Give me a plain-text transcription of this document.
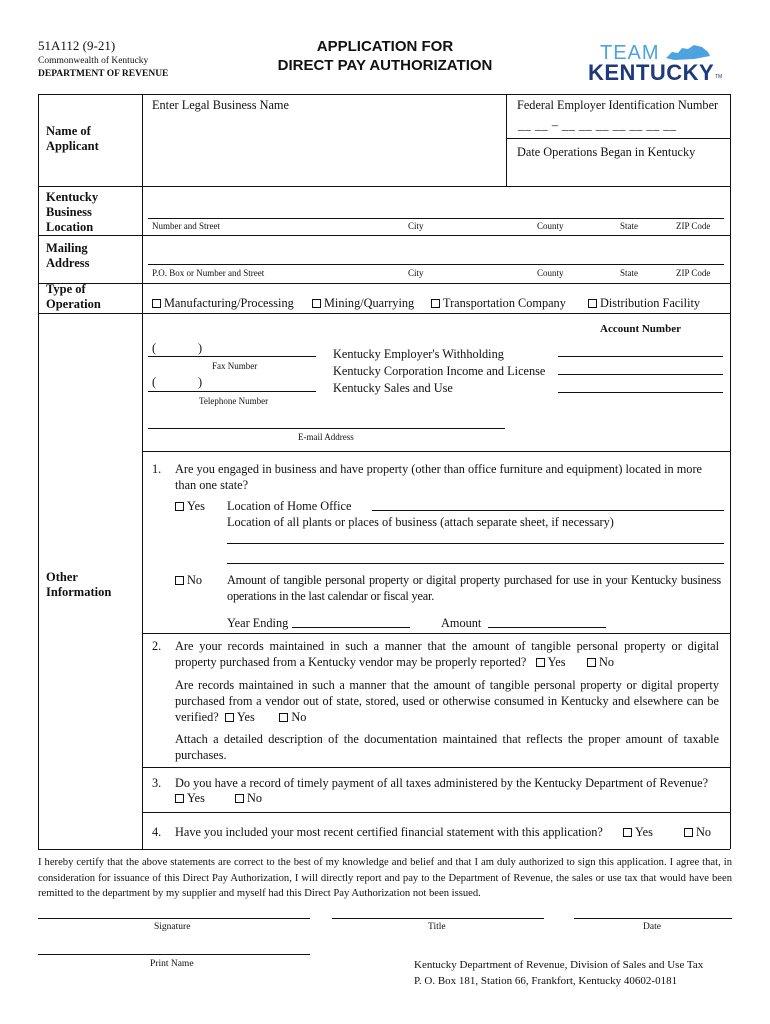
51A112 (9-21)
Commonwealth of Kentucky
DEPARTMENT OF REVENUE
APPLICATION FOR
DIRECT PAY AUTHORIZATION
TEAM
KENTUCKY TM
Name of
Applicant
Enter Legal Business Name	Federal Employer Identification Number
__ __ – __ __ __ __ __ __ __
Date Operations Began in Kentucky
Kentucky
Business
Location	Number and Street	City	County	State	ZIP Code
Mailing
Address
P.O. Box or Number and Street	City	County	State	ZIP Code
Type of
Operation	Manufacturing/Processing	Mining/Quarrying	Transportation Company	Distribution Facility
Other
Information
Account Number
(	)
Fax Number
(	)
Telephone Number
Kentucky Employer's Withholding
Kentucky Corporation Income and License
Kentucky Sales and Use
E-mail Address
1. Are you engaged in business and have property (other than office furniture and equipment) located in more than one state?
Yes Location of Home Office
Location of all plants or places of business (attach separate sheet, if necessary)
No Amount of tangible personal property or digital property purchased for use in your Kentucky business operations in the last calendar or fiscal year.
Year Ending	Amount
2. Are your records maintained in such a manner that the amount of tangible personal property or digital property purchased from a Kentucky vendor may be properly reported? Yes	No
Are records maintained in such a manner that the amount of tangible personal property or digital property purchased from a vendor out of state, stored, used or otherwise consumed in Kentucky and elsewhere can be verified? Yes	No
Attach a detailed description of the documentation maintained that reflects the proper amount of taxable purchases.
3. Do you have a record of timely payment of all taxes administered by the Kentucky Department of Revenue?
Yes	No
4. Have you included your most recent certified financial statement with this application?	Yes	No
I hereby certify that the above statements are correct to the best of my knowledge and belief and that I am duly authorized to sign this application. I agree that, in consideration for issuance of this Direct Pay Authorization, I will directly report and pay to the Department of Revenue, the sales or use tax that would have been remitted to the department by my supplier and myself had this Direct Pay Authorization not been issued.
Signature	Title	Date
Print Name	Kentucky Department of Revenue, Division of Sales and Use Tax
P. O. Box 181, Station 66, Frankfort, Kentucky 40602-0181
